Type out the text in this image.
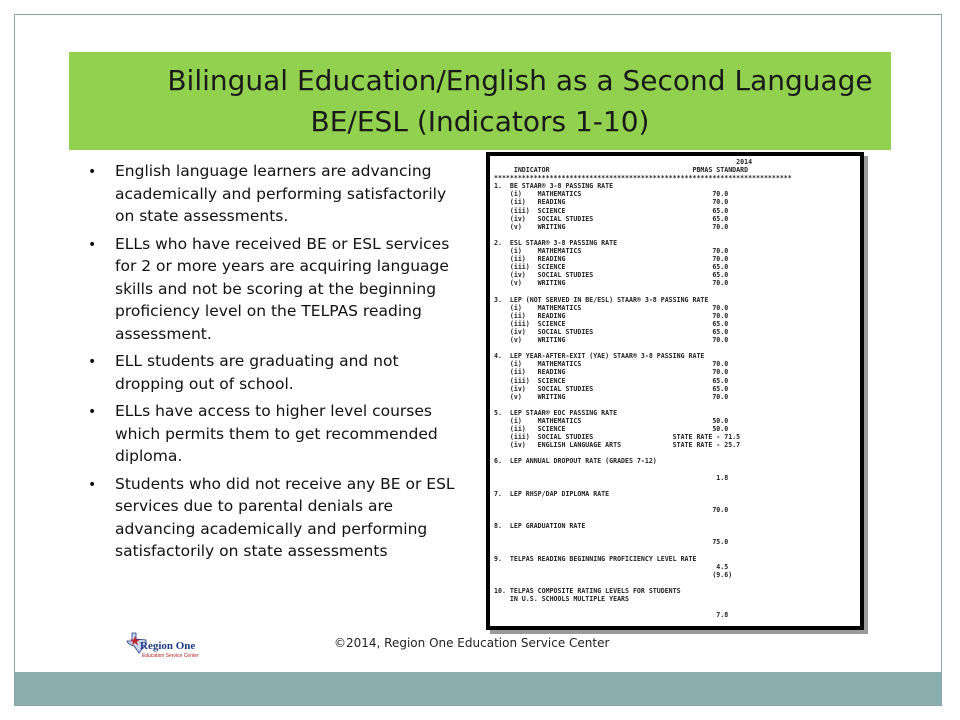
Bilingual Education/English as a Second Language
BE/ESL (Indicators 1-10)
• English language learners are advancing academically and performing satisfactorily on state assessments.
• ELLs who have received BE or ESL services for 2 or more years are acquiring language skills and not be scoring at the beginning proficiency level on the TELPAS reading assessment.
• ELL students are graduating and not dropping out of school.
• ELLs have access to higher level courses which permits them to get recommended diploma.
• Students who did not receive any BE or ESL services due to parental denials are advancing academically and performing satisfactorily on state assessments
2014
INDICATOR                                    PBMAS STANDARD
***************************************************************************
1.  BE STAAR® 3-8 PASSING RATE
(i)    MATHEMATICS                                 70.0
(ii)   READING                                     70.0
(iii)  SCIENCE                                     65.0
(iv)   SOCIAL STUDIES                              65.0
(v)    WRITING                                     70.0

2.  ESL STAAR® 3-8 PASSING RATE
(i)    MATHEMATICS                                 70.0
(ii)   READING                                     70.0
(iii)  SCIENCE                                     65.0
(iv)   SOCIAL STUDIES                              65.0
(v)    WRITING                                     70.0

3.  LEP (NOT SERVED IN BE/ESL) STAAR® 3-8 PASSING RATE
(i)    MATHEMATICS                                 70.0
(ii)   READING                                     70.0
(iii)  SCIENCE                                     65.0
(iv)   SOCIAL STUDIES                              65.0
(v)    WRITING                                     70.0

4.  LEP YEAR-AFTER-EXIT (YAE) STAAR® 3-8 PASSING RATE
(i)    MATHEMATICS                                 70.0
(ii)   READING                                     70.0
(iii)  SCIENCE                                     65.0
(iv)   SOCIAL STUDIES                              65.0
(v)    WRITING                                     70.0

5.  LEP STAAR® EOC PASSING RATE
(i)    MATHEMATICS                                 50.0
(ii)   SCIENCE                                     50.0
(iii)  SOCIAL STUDIES                    STATE RATE - 71.5
(iv)   ENGLISH LANGUAGE ARTS             STATE RATE - 25.7

6.  LEP ANNUAL DROPOUT RATE (GRADES 7-12)

1.8

7.  LEP RHSP/DAP DIPLOMA RATE

70.0

8.  LEP GRADUATION RATE

75.0

9.  TELPAS READING BEGINNING PROFICIENCY LEVEL RATE
4.5
(9.6)

10. TELPAS COMPOSITE RATING LEVELS FOR STUDENTS
IN U.S. SCHOOLS MULTIPLE YEARS

7.8
Region One
Education Service Center
©2014, Region One Education Service Center
